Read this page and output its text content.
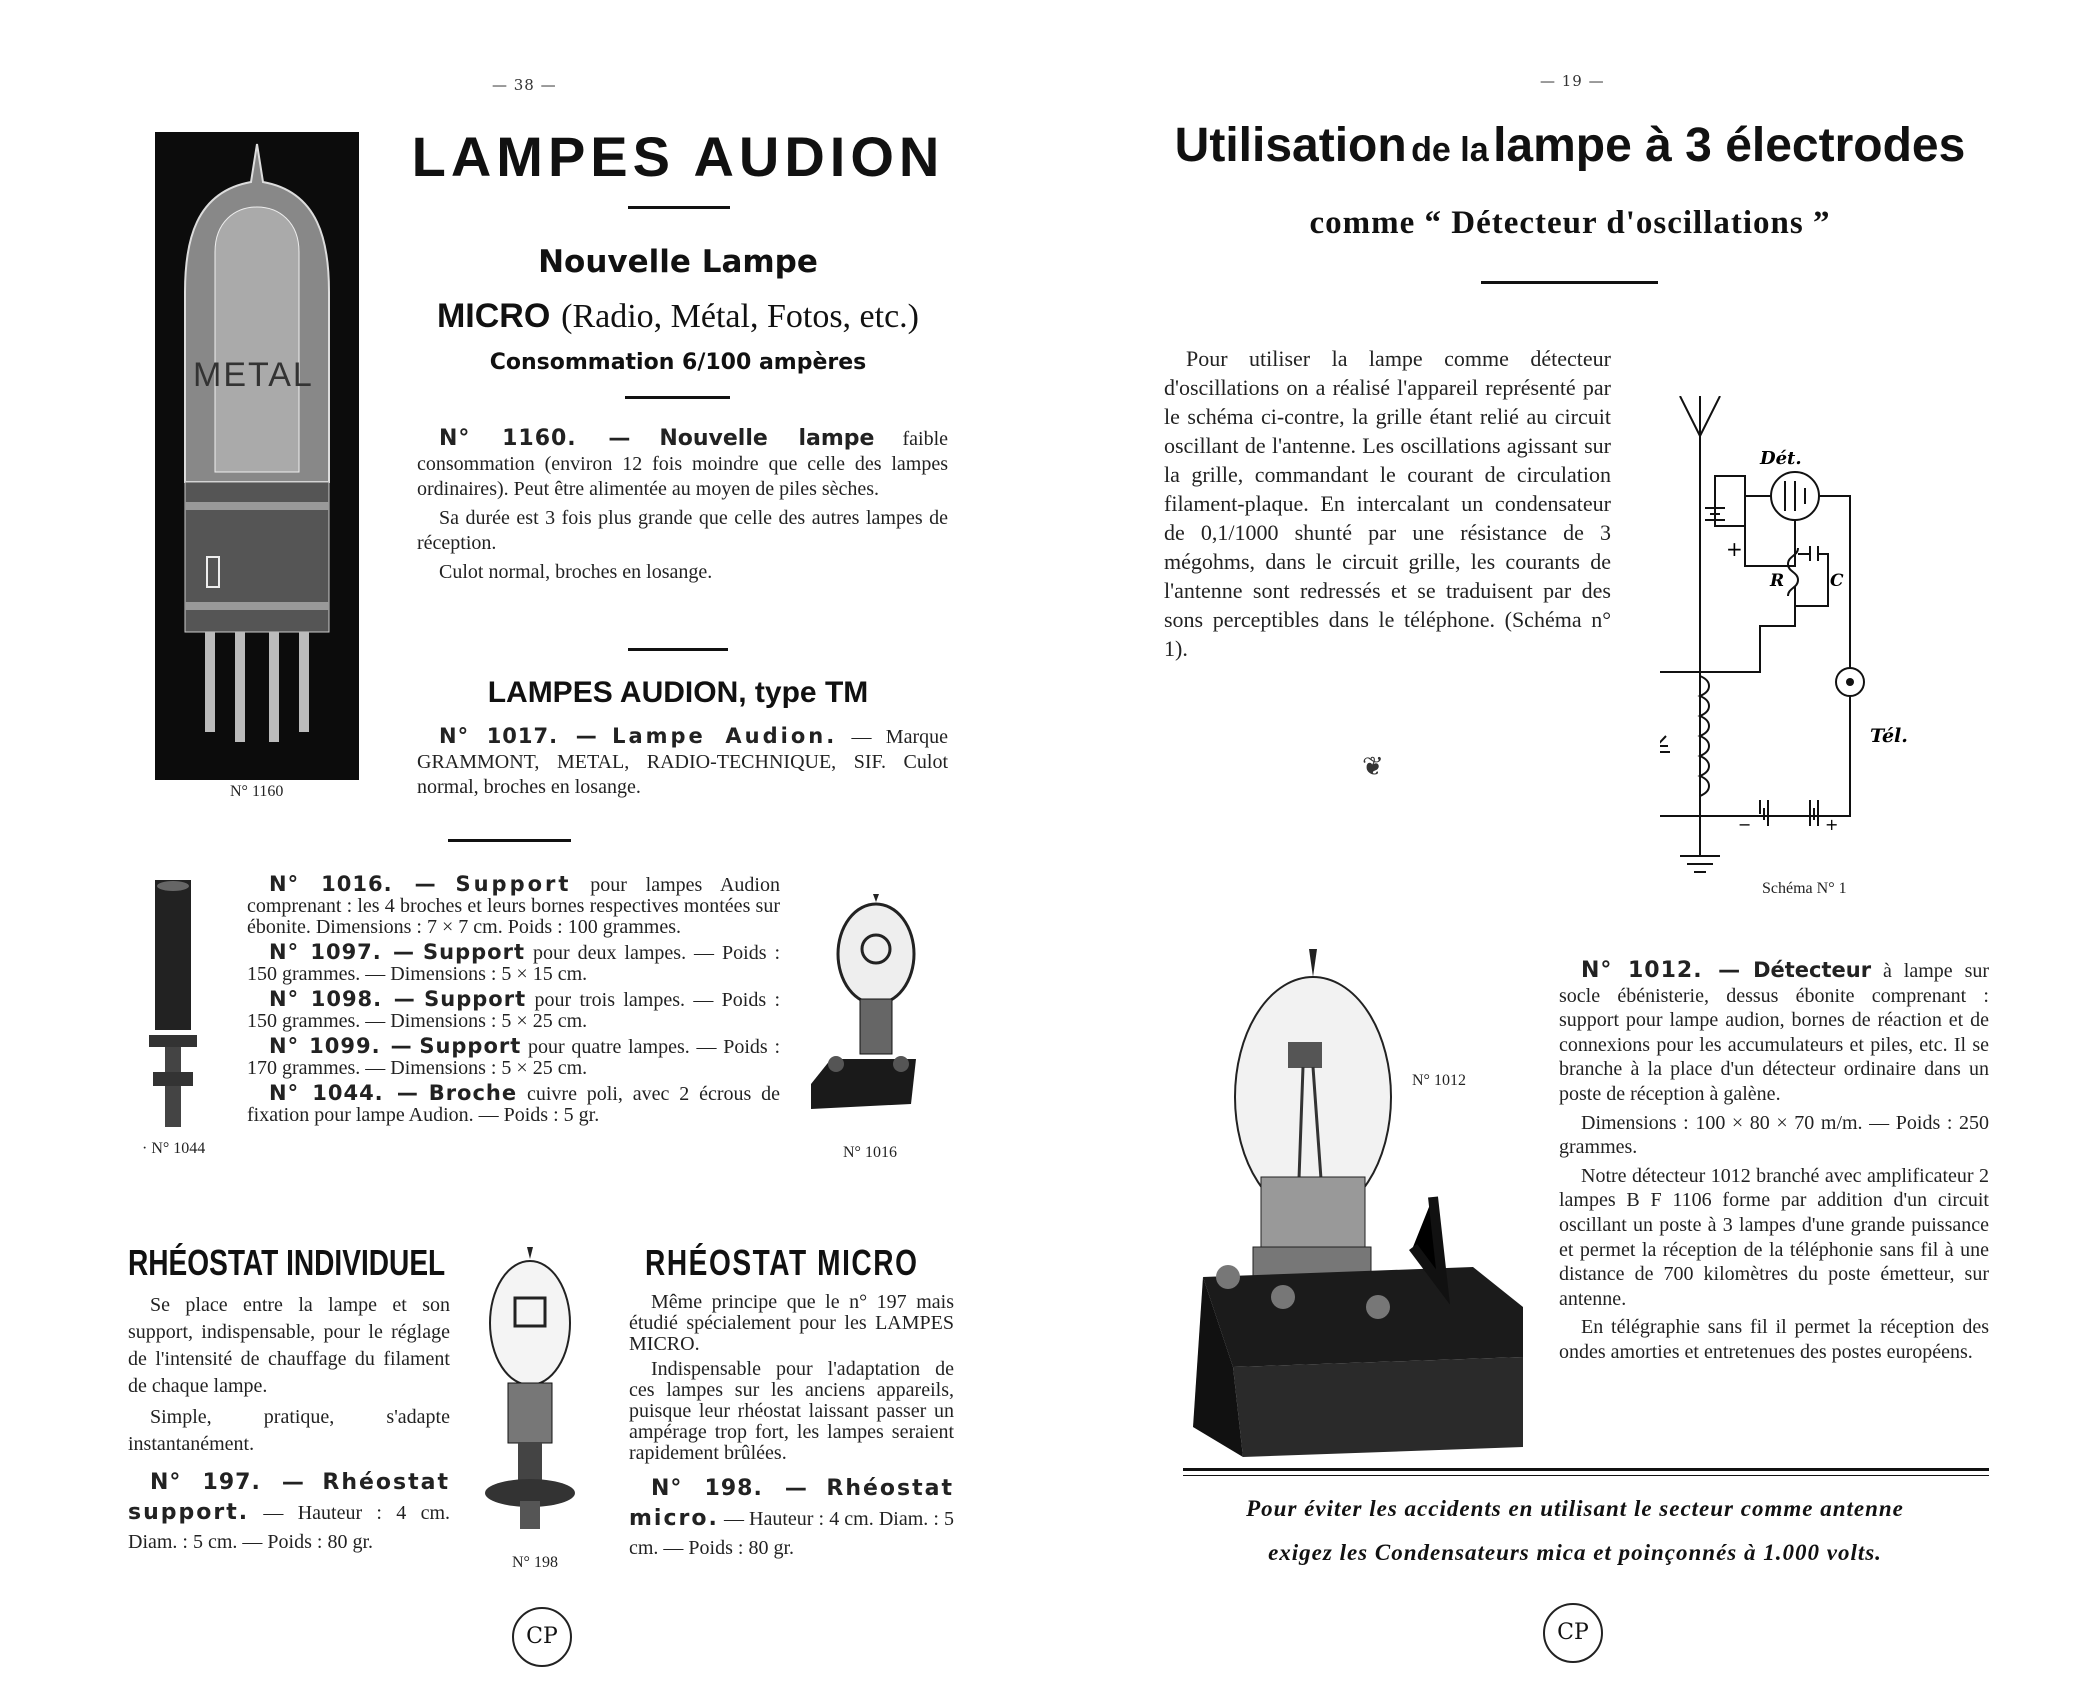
— 38 —
METAL
N° 1160
LAMPES AUDION
Nouvelle Lampe
MICRO (Radio, Métal, Fotos, etc.)
Consommation 6/100 ampères

N° 1160. — Nouvelle lampe faible consommation (environ 12 fois moindre que celle des lampes ordinaires). Peut être alimentée au moyen de piles sèches.

Sa durée est 3 fois plus grande que celle des autres lampes de réception.

Culot normal, broches en losange.

LAMPES AUDION, type TM

N° 1017. — Lampe Audion. — Marque GRAMMONT, METAL, RADIO-TECHNIQUE, SIF. Culot normal, broches en losange.

· N° 1044

N° 1016. — Support pour lampes Audion comprenant : les 4 broches et leurs bornes respectives montées sur ébonite. Dimensions : 7 × 7 cm. Poids : 100 grammes.

N° 1097. — Support pour deux lampes. — Poids : 150 grammes. — Dimensions : 5 × 15 cm.

N° 1098. — Support pour trois lampes. — Poids : 150 grammes. — Dimensions : 5 × 25 cm.

N° 1099. — Support pour quatre lampes. — Poids : 170 grammes. — Dimensions : 5 × 25 cm.

N° 1044. — Broche cuivre poli, avec 2 écrous de fixation pour lampe Audion. — Poids : 5 gr.

N° 1016
RHÉOSTAT INDIVIDUEL

Se place entre la lampe et son support, indispensable, pour le réglage de l'intensité de chauffage du filament de chaque lampe.

Simple, pratique, s'adapte instantanément.

N° 197. — Rhéostat support. — Hauteur : 4 cm. Diam. : 5 cm. — Poids : 80 gr.

N° 198
RHÉOSTAT MICRO

Même principe que le n° 197 mais étudié spécialement pour les LAMPES MICRO.

Indispensable pour l'adaptation de ces lampes sur les anciens appareils, puisque leur rhéostat laissant passer un ampérage trop fort, les lampes seraient rapidement brûlées.

N° 198. — Rhéostat micro. — Hauteur : 4 cm. Diam. : 5 cm. — Poids : 80 gr.

CP
— 19 —
Utilisation de la lampe à 3 électrodes
comme “ Détecteur d'oscillations ”

Pour utiliser la lampe comme détecteur d'oscillations on a réalisé l'appareil représenté par le schéma ci-contre, la grille étant relié au circuit oscillant de l'antenne. Les oscillations agissant sur la grille, commandant le courant de circulation filament-plaque. En intercalant un condensateur de 0,1/1000 shunté par une résistance de 3 mégohms, dans le circuit grille, les courants de l'antenne sont redressés et se traduisent par des sons perceptibles dans le téléphone. (Schéma n° 1).

Dét.
R	C
Tél.
+
+
−
Schéma N° 1
❦
N° 1012

N° 1012. — Détecteur à lampe sur socle ébénisterie, dessus ébonite comprenant : support pour lampe audion, bornes de réaction et de connexions pour les accumulateurs et piles, etc. Il se branche à la place d'un détecteur ordinaire dans un poste de réception à galène.

Dimensions : 100 × 80 × 70 m/m. — Poids : 250 grammes.

Notre détecteur 1012 branché avec amplificateur 2 lampes B F 1106 forme par addition d'un circuit oscillant un poste à 3 lampes d'une grande puissance et permet la réception de la téléphonie sans fil à une distance de 700 kilomètres du poste émetteur, sur antenne.

En télégraphie sans fil il permet la réception des ondes amorties et entretenues des postes européens.

Pour éviter les accidents en utilisant le secteur comme antenne
exigez les Condensateurs mica et poinçonnés à 1.000 volts.
CP
